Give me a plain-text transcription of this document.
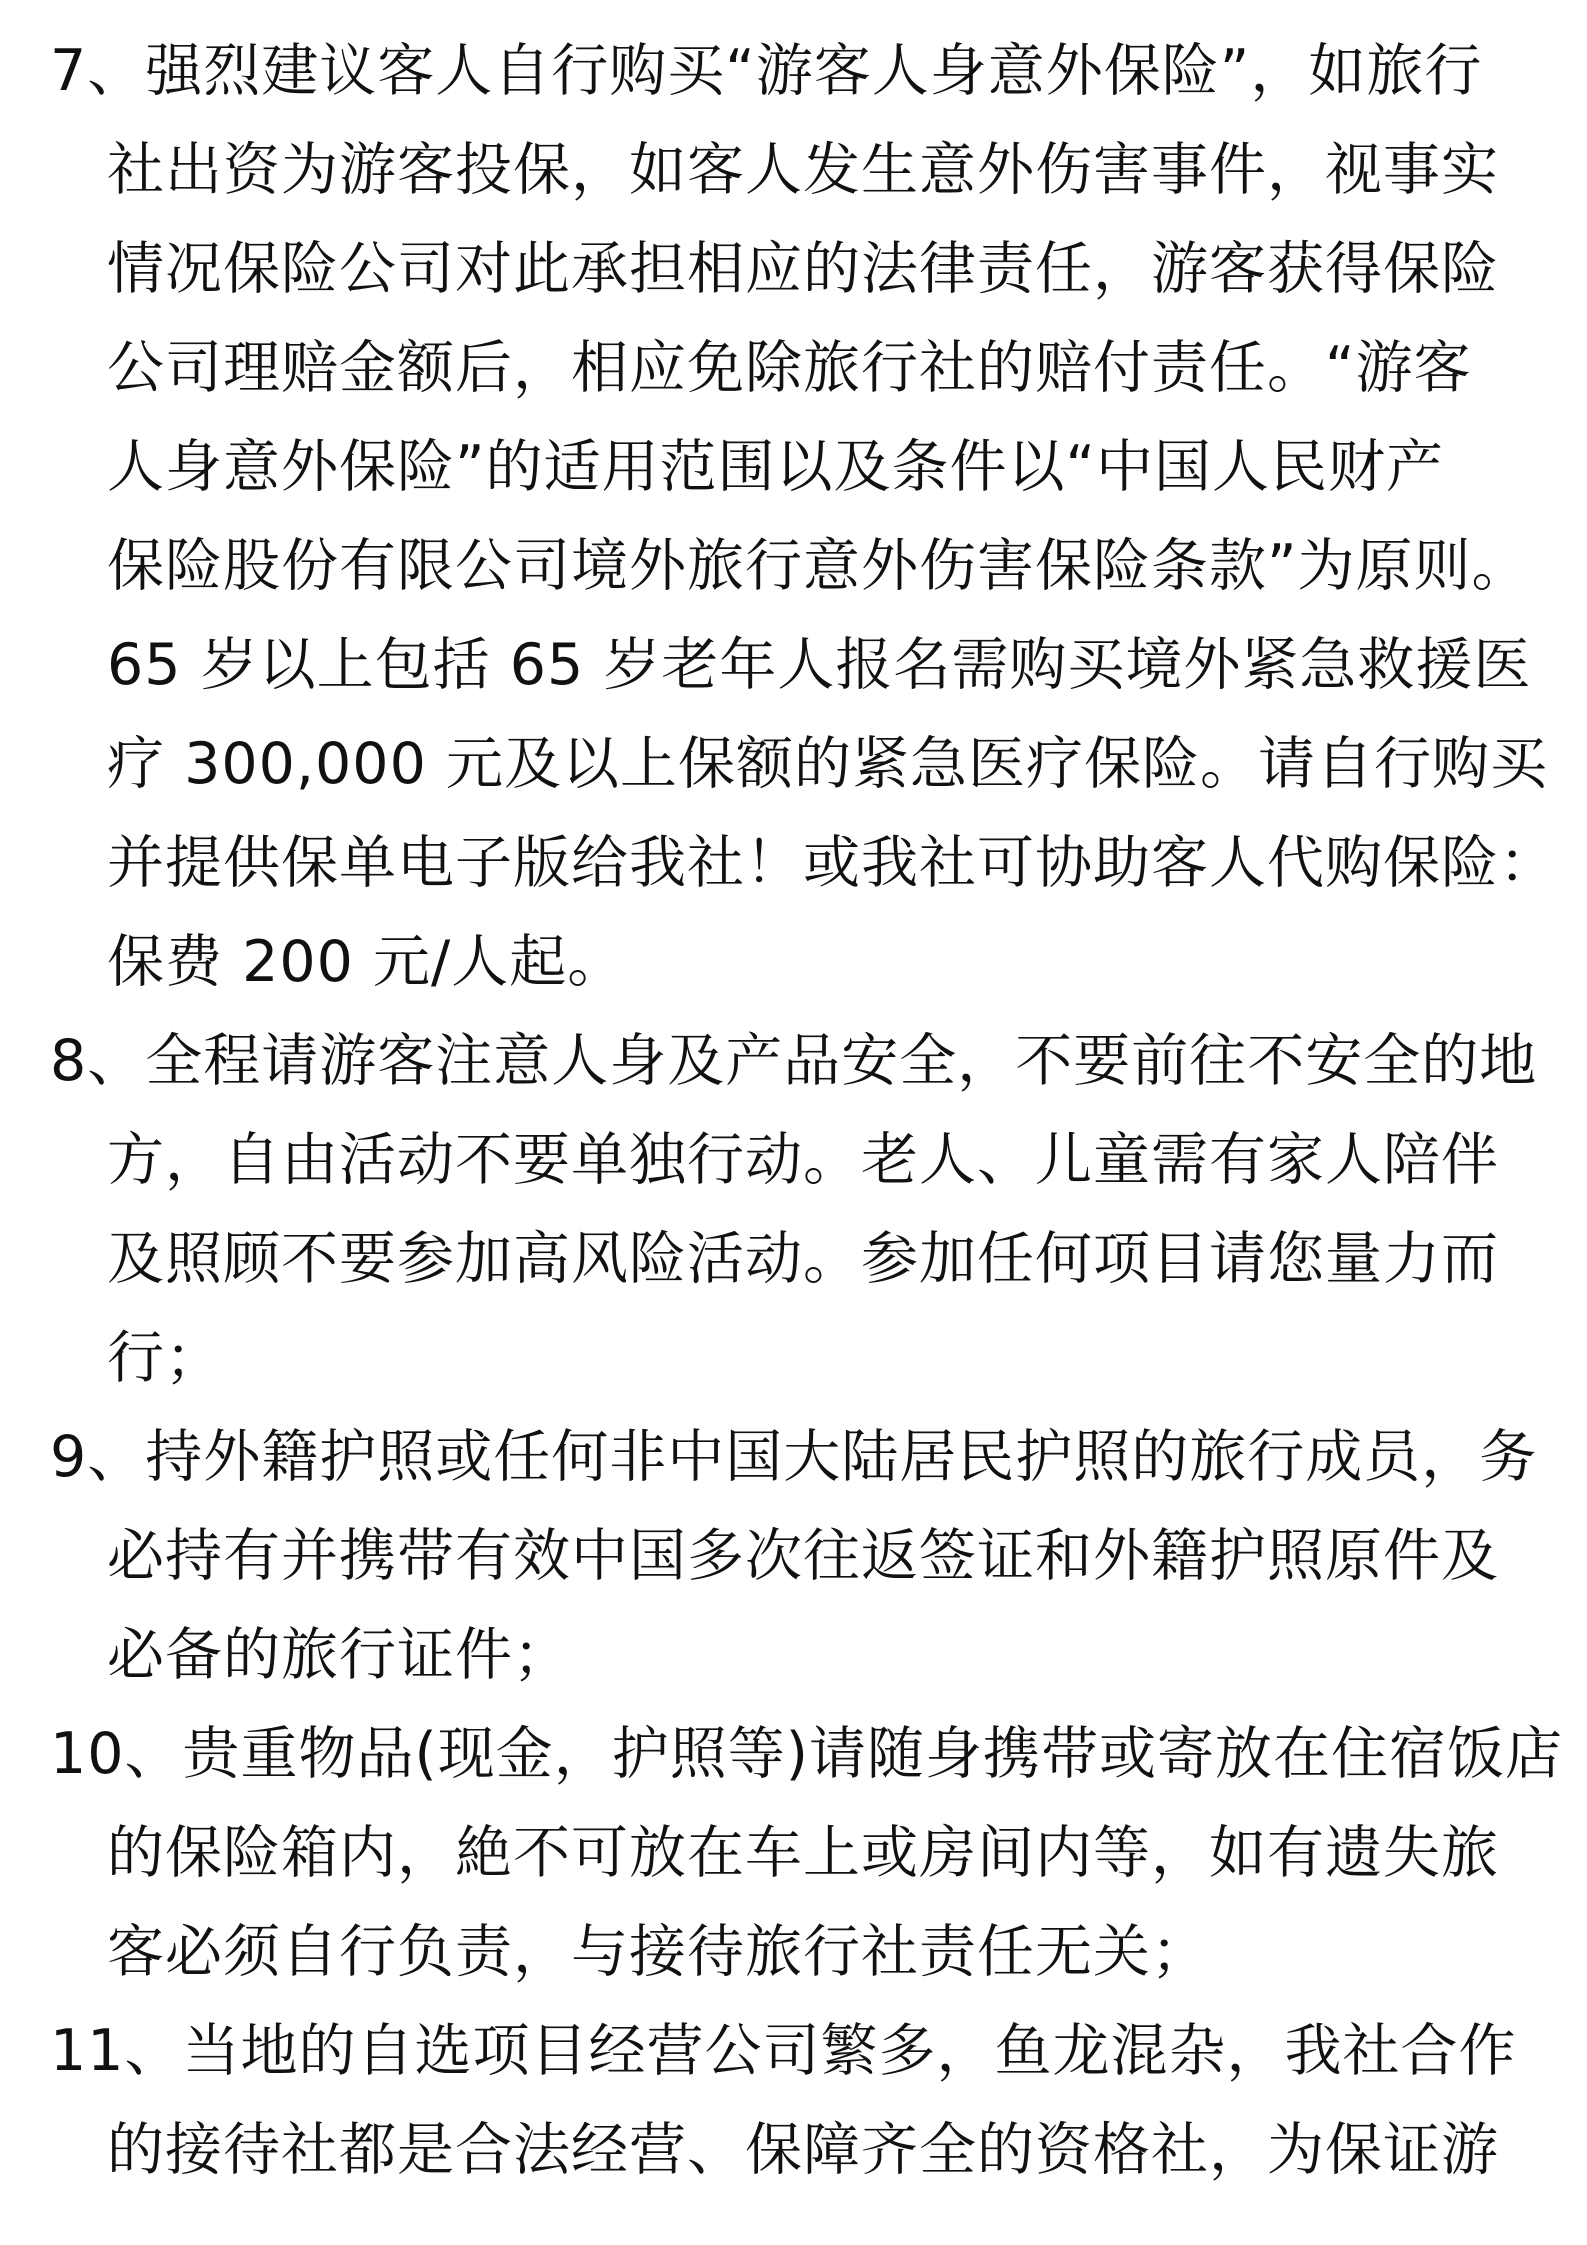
7、强烈建议客人自行购买“游客人身意外保险”，如旅行
社出资为游客投保，如客人发生意外伤害事件，视事实
情况保险公司对此承担相应的法律责任，游客获得保险
公司理赔金额后，相应免除旅行社的赔付责任。“游客
人身意外保险”的适用范围以及条件以“中国人民财产
保险股份有限公司境外旅行意外伤害保险条款”为原则。
65 岁以上包括 65 岁老年人报名需购买境外紧急救援医
疗 300,000 元及以上保额的紧急医疗保险。请自行购买
并提供保单电子版给我社！或我社可协助客人代购保险：
保费 200 元/人起。
8、全程请游客注意人身及产品安全，不要前往不安全的地
方，自由活动不要单独行动。老人、儿童需有家人陪伴
及照顾不要参加高风险活动。参加任何项目请您量力而
行；
9、持外籍护照或任何非中国大陆居民护照的旅行成员，务
必持有并携带有效中国多次往返签证和外籍护照原件及
必备的旅行证件；
10、贵重物品(现金，护照等)请随身携带或寄放在住宿饭店
的保险箱内，絶不可放在车上或房间内等，如有遗失旅
客必须自行负责，与接待旅行社责任无关；
11、当地的自选项目经营公司繁多，鱼龙混杂，我社合作
的接待社都是合法经营、保障齐全的资格社，为保证游
